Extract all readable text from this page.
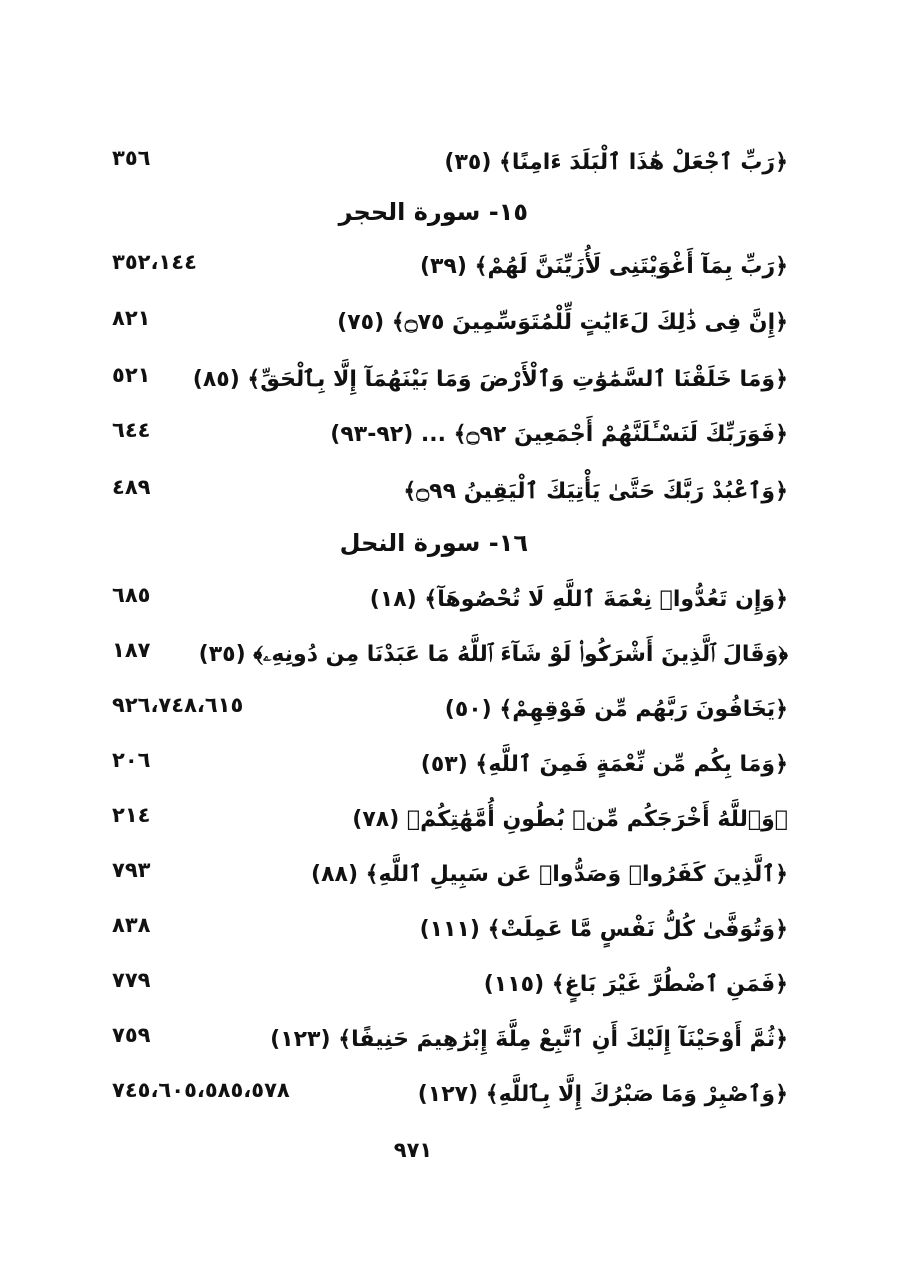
﴿رَبِّ ٱجْعَلْ هَٰذَا ٱلْبَلَدَ ءَامِنًا﴾ (٣٥)
٣٥٦
١٥- سورة الحجر
﴿رَبِّ بِمَآ أَغْوَيْتَنِى لَأُزَيِّنَنَّ لَهُمْ﴾ (٣٩)
٣٥٢،١٤٤
﴿إِنَّ فِى ذَٰلِكَ لَءَايَٰتٍ لِّلْمُتَوَسِّمِينَ ۝٧٥﴾ (٧٥)
٨٢١
﴿وَمَا خَلَقْنَا ٱلسَّمَٰوَٰتِ وَٱلْأَرْضَ وَمَا بَيْنَهُمَآ إِلَّا بِٱلْحَقِّ﴾ (٨٥)
٥٢١
﴿فَوَرَبِّكَ لَنَسْـَٔلَنَّهُمْ أَجْمَعِينَ ۝٩٢﴾ ... (٩٢-٩٣)
٦٤٤
﴿وَٱعْبُدْ رَبَّكَ حَتَّىٰ يَأْتِيَكَ ٱلْيَقِينُ ۝٩٩﴾
٤٨٩
١٦- سورة النحل
﴿وَإِن تَعُدُّوا۟ نِعْمَةَ ٱللَّهِ لَا تُحْصُوهَآ﴾ (١٨)
٦٨٥
﴿وَقَالَ ٱلَّذِينَ أَشْرَكُوا۟ لَوْ شَآءَ ٱللَّهُ مَا عَبَدْنَا مِن دُونِهِۦ﴾ (٣٥)
١٨٧
﴿يَخَافُونَ رَبَّهُم مِّن فَوْقِهِمْ﴾ (٥٠)
٩٢٦،٧٤٨،٦١٥
﴿وَمَا بِكُم مِّن نِّعْمَةٍ فَمِنَ ٱللَّهِ﴾ (٥٣)
٢٠٦
﴿وَٱللَّهُ أَخْرَجَكُم مِّنۢ بُطُونِ أُمَّهَٰتِكُمْ﴾ (٧٨)
٢١٤
﴿ٱلَّذِينَ كَفَرُوا۟ وَصَدُّوا۟ عَن سَبِيلِ ٱللَّهِ﴾ (٨٨)
٧٩٣
﴿وَتُوَفَّىٰ كُلُّ نَفْسٍ مَّا عَمِلَتْ﴾ (١١١)
٨٣٨
﴿فَمَنِ ٱضْطُرَّ غَيْرَ بَاغٍ﴾ (١١٥)
٧٧٩
﴿ثُمَّ أَوْحَيْنَآ إِلَيْكَ أَنِ ٱتَّبِعْ مِلَّةَ إِبْرَٰهِيمَ حَنِيفًا﴾ (١٢٣)
٧٥٩
﴿وَٱصْبِرْ وَمَا صَبْرُكَ إِلَّا بِٱللَّهِ﴾ (١٢٧)
٧٤٥،٦٠٥،٥٨٥،٥٧٨
٩٧١
